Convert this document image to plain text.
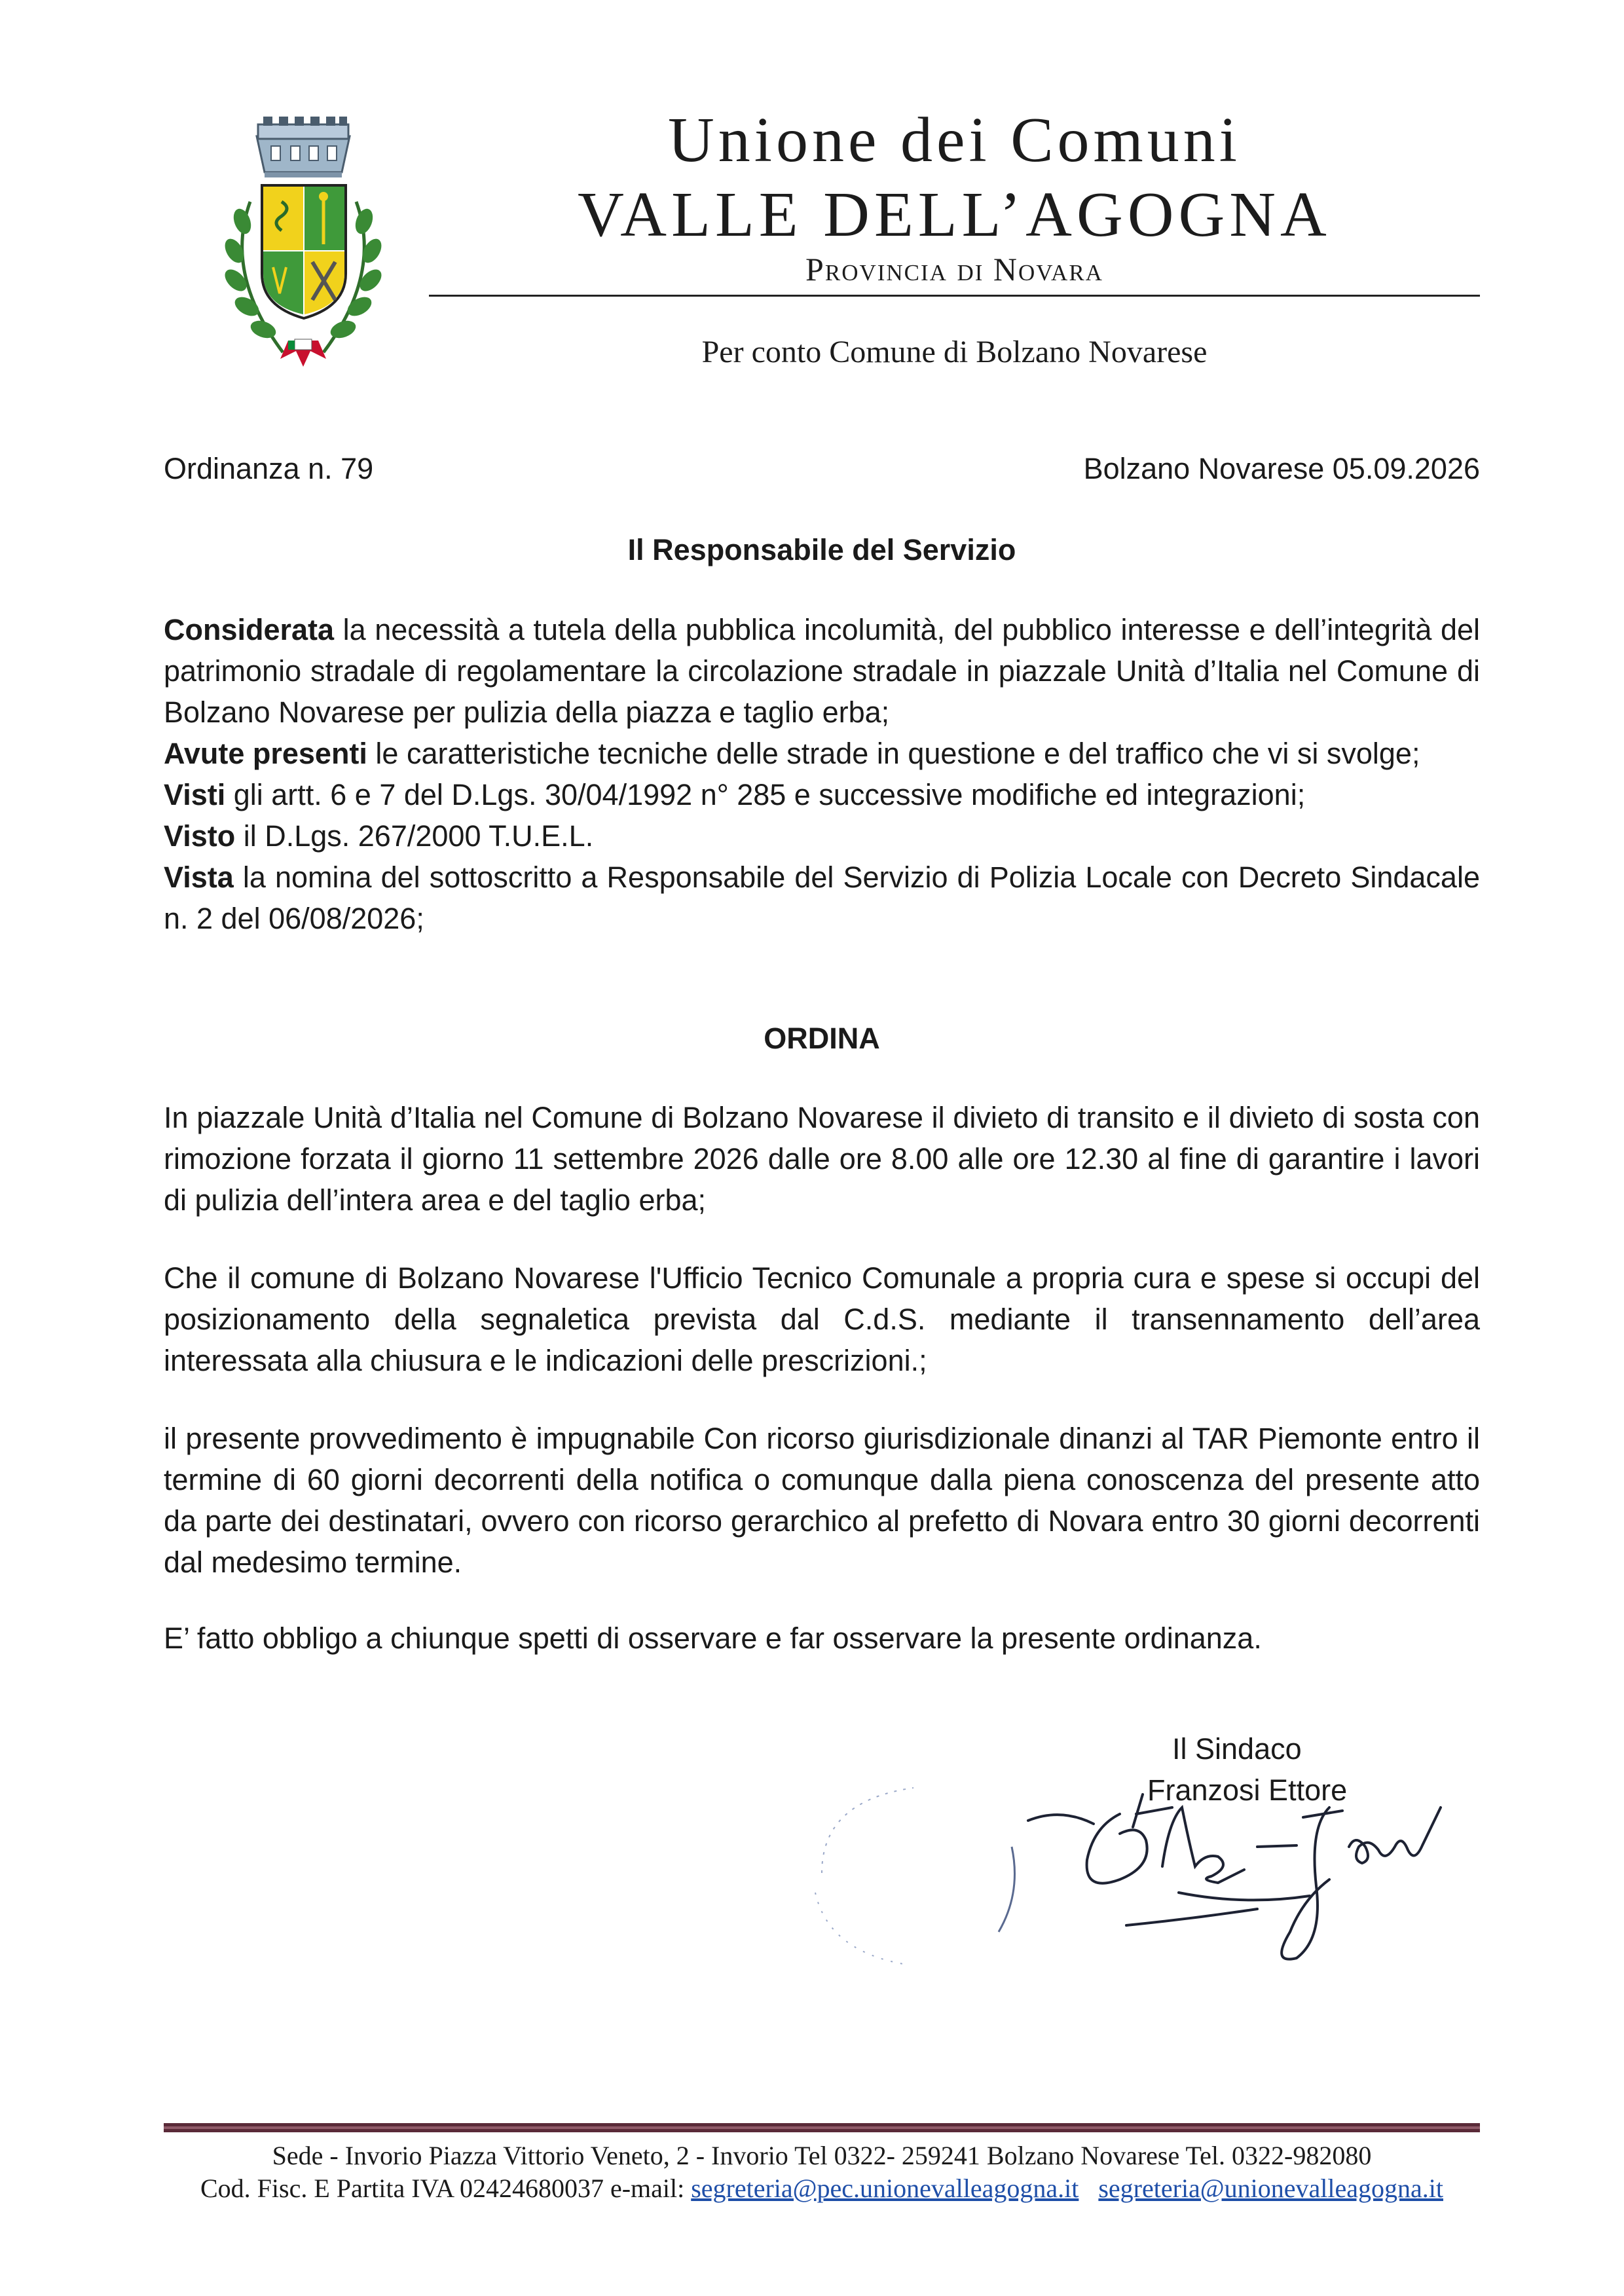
Unione dei Comuni
VALLE DELL’AGOGNA
Provincia di Novara
Per conto Comune di Bolzano Novarese
Ordinanza n. 79	Bolzano Novarese 05.09.2026
Il Responsabile del Servizio
Considerata la necessità a tutela della pubblica incolumità, del pubblico interesse e dell’integrità del patrimonio stradale di regolamentare la circolazione stradale in piazzale Unità d’Italia nel Comune di Bolzano Novarese per pulizia della piazza e taglio erba;
Avute presenti le caratteristiche tecniche delle strade in questione e del traffico che vi si svolge;
Visti gli artt. 6 e 7 del D.Lgs. 30/04/1992 n° 285 e successive modifiche ed integrazioni;
Visto il D.Lgs. 267/2000 T.U.E.L.
Vista la nomina del sottoscritto a Responsabile del Servizio di Polizia Locale con Decreto Sindacale n. 2 del 06/08/2026;
ORDINA
In piazzale Unità d’Italia nel Comune di Bolzano Novarese il divieto di transito e il divieto di sosta con rimozione forzata il giorno 11 settembre 2026 dalle ore 8.00 alle ore 12.30 al fine di garantire i lavori di pulizia dell’intera area e del taglio erba;
Che il comune di Bolzano Novarese l'Ufficio Tecnico Comunale a propria cura e spese si occupi del posizionamento della segnaletica prevista dal C.d.S. mediante il transennamento dell’area interessata alla chiusura e le indicazioni delle prescrizioni.;
il presente provvedimento è impugnabile Con ricorso giurisdizionale dinanzi al TAR Piemonte entro il termine di 60 giorni decorrenti della notifica o comunque dalla piena conoscenza del presente atto da parte dei destinatari, ovvero con ricorso gerarchico al prefetto di Novara entro 30 giorni decorrenti dal medesimo termine.
E’ fatto obbligo a chiunque spetti di osservare e far osservare la presente ordinanza.
Il Sindaco
Franzosi Ettore
Sede - Invorio Piazza Vittorio Veneto, 2 - Invorio Tel 0322- 259241 Bolzano Novarese Tel. 0322-982080
Cod. Fisc. E Partita IVA 02424680037 e-mail: segreteria@pec.unionevalleagogna.it segreteria@unionevalleagogna.it
